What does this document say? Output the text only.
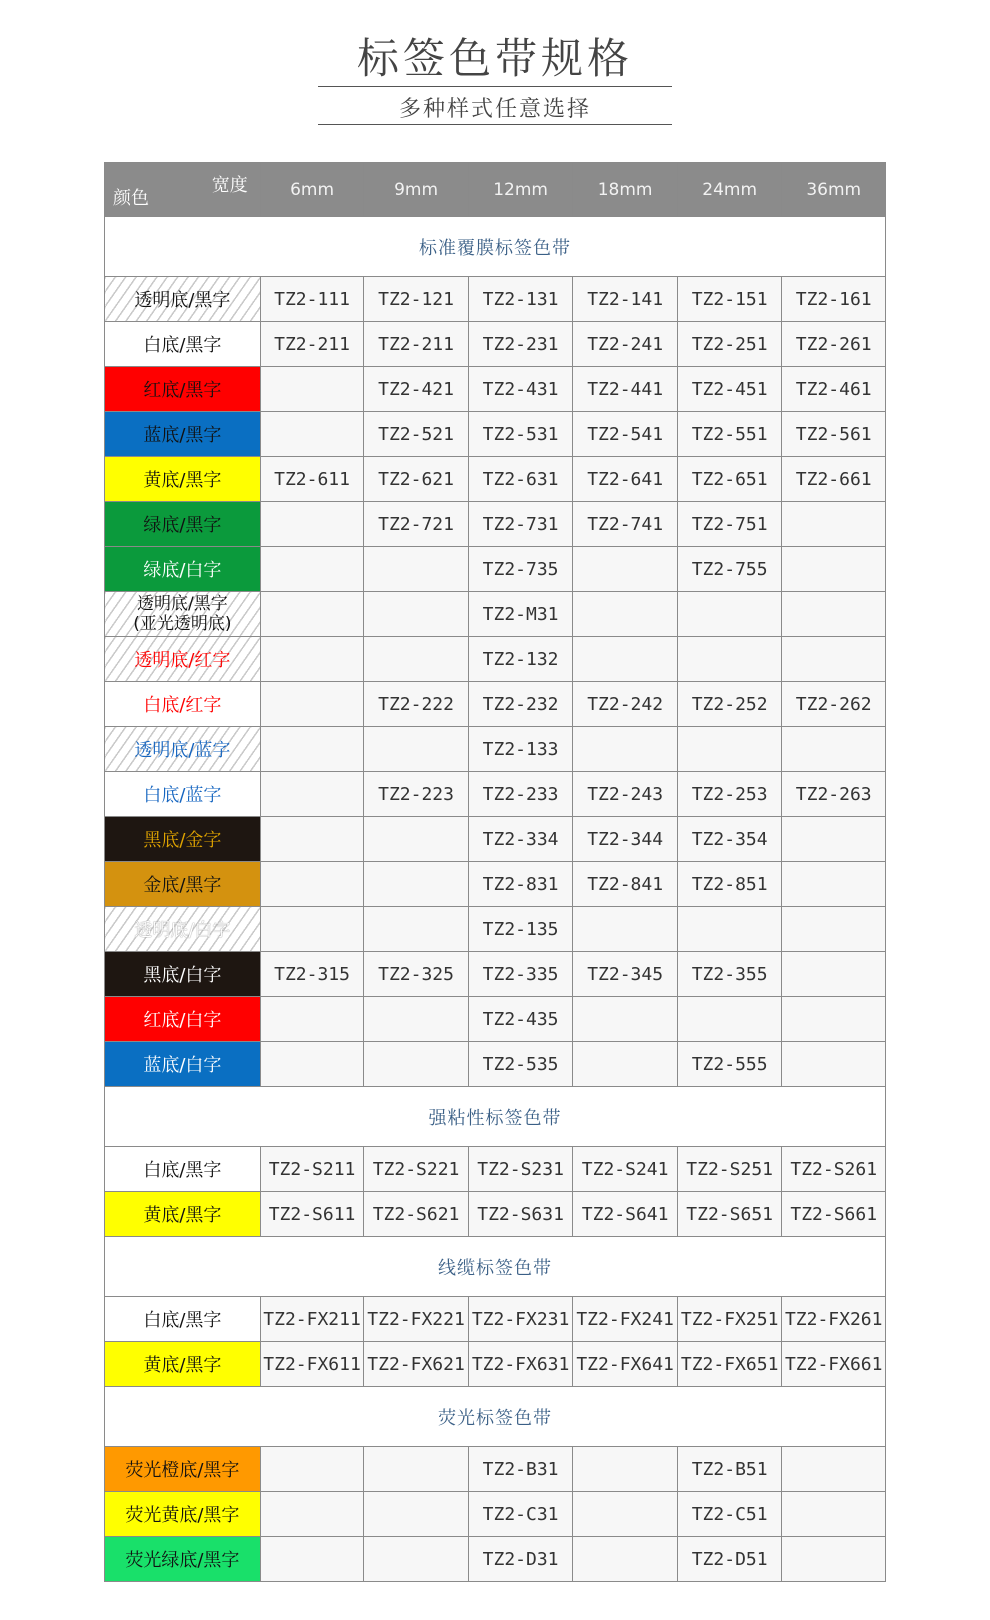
标签色带规格
多种样式任意选择
宽度
颜色	6mm	9mm	12mm	18mm	24mm	36mm
标准覆膜标签色带						
透明底/黑字	TZ2-111	TZ2-121	TZ2-131	TZ2-141	TZ2-151	TZ2-161
白底/黑字	TZ2-211	TZ2-211	TZ2-231	TZ2-241	TZ2-251	TZ2-261
红底/黑字		TZ2-421	TZ2-431	TZ2-441	TZ2-451	TZ2-461
蓝底/黑字		TZ2-521	TZ2-531	TZ2-541	TZ2-551	TZ2-561
黄底/黑字	TZ2-611	TZ2-621	TZ2-631	TZ2-641	TZ2-651	TZ2-661
绿底/黑字		TZ2-721	TZ2-731	TZ2-741	TZ2-751	
绿底/白字			TZ2-735		TZ2-755	
透明底/黑字
(亚光透明底)			TZ2-M31			
透明底/红字			TZ2-132			
白底/红字		TZ2-222	TZ2-232	TZ2-242	TZ2-252	TZ2-262
透明底/蓝字			TZ2-133			
白底/蓝字		TZ2-223	TZ2-233	TZ2-243	TZ2-253	TZ2-263
黑底/金字			TZ2-334	TZ2-344	TZ2-354	
金底/黑字			TZ2-831	TZ2-841	TZ2-851	
透明底/白字			TZ2-135			
黑底/白字	TZ2-315	TZ2-325	TZ2-335	TZ2-345	TZ2-355	
红底/白字			TZ2-435			
蓝底/白字			TZ2-535		TZ2-555	
强粘性标签色带						
白底/黑字	TZ2-S211	TZ2-S221	TZ2-S231	TZ2-S241	TZ2-S251	TZ2-S261
黄底/黑字	TZ2-S611	TZ2-S621	TZ2-S631	TZ2-S641	TZ2-S651	TZ2-S661
线缆标签色带						
白底/黑字	TZ2-FX211	TZ2-FX221	TZ2-FX231	TZ2-FX241	TZ2-FX251	TZ2-FX261
黄底/黑字	TZ2-FX611	TZ2-FX621	TZ2-FX631	TZ2-FX641	TZ2-FX651	TZ2-FX661
荧光标签色带						
荧光橙底/黑字			TZ2-B31		TZ2-B51	
荧光黄底/黑字			TZ2-C31		TZ2-C51	
荧光绿底/黑字			TZ2-D31		TZ2-D51	
